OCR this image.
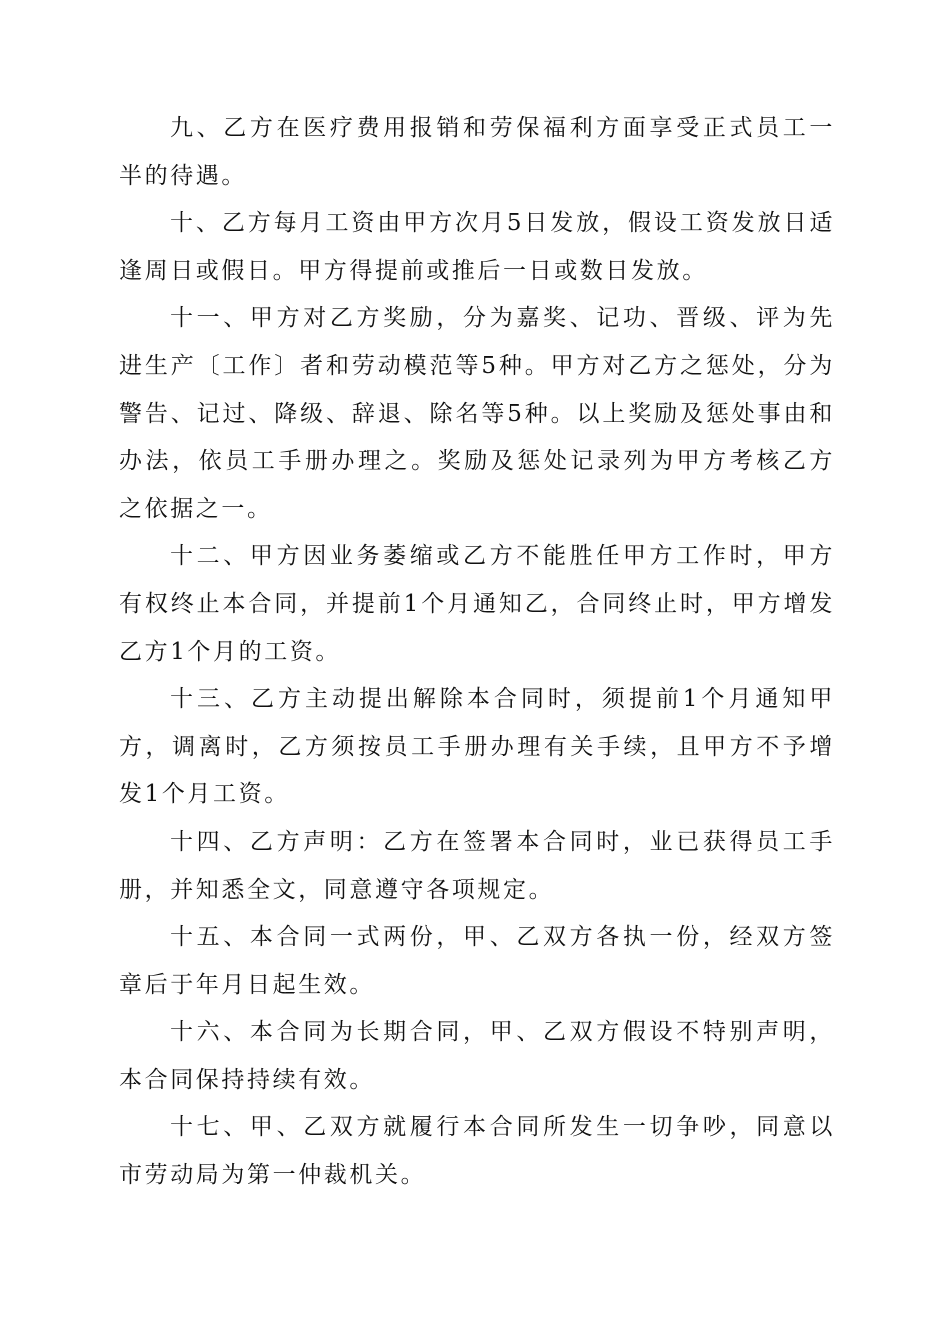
九、乙方在医疗费用报销和劳保福利方面享受正式员工一半的待遇。

十、乙方每月工资由甲方次月5日发放，假设工资发放日适逢周日或假日。甲方得提前或推后一日或数日发放。

十一、甲方对乙方奖励，分为嘉奖、记功、晋级、评为先进生产〔工作〕者和劳动模范等5种。甲方对乙方之惩处，分为警告、记过、降级、辞退、除名等5种。以上奖励及惩处事由和办法，依员工手册办理之。奖励及惩处记录列为甲方考核乙方之依据之一。

十二、甲方因业务萎缩或乙方不能胜任甲方工作时，甲方有权终止本合同，并提前1个月通知乙，合同终止时，甲方增发乙方1个月的工资。

十三、乙方主动提出解除本合同时，须提前1个月通知甲方，调离时，乙方须按员工手册办理有关手续，且甲方不予增发1个月工资。

十四、乙方声明：乙方在签署本合同时，业已获得员工手册，并知悉全文，同意遵守各项规定。

十五、本合同一式两份，甲、乙双方各执一份，经双方签章后于年月日起生效。

十六、本合同为长期合同，甲、乙双方假设不特别声明，本合同保持持续有效。

十七、甲、乙双方就履行本合同所发生一切争吵，同意以市劳动局为第一仲裁机关。
